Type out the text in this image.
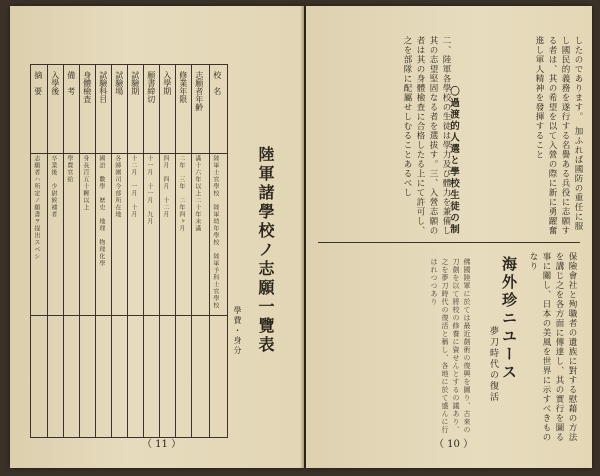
摘　要
志願者ハ所定ノ願書ヲ提出スベシ
入學後
卒業後　少尉候補者
備　考
學費官給
身體檢査
身長百五十糎以上
試驗科目
國語　數學　歴史　地理　物理化學
試驗場
各師團司令部所在地
試驗期
十二月　一月　十月
願書締切
十一月　十一月　九月
入學期
四月　四月　十二月
修業年限
二年　三年　二年四ヶ月
志願者年齢
滿十六年以上二十年未滿
校　名
陸軍士官學校　陸軍幼年學校　陸軍予科士官學校
學費・身分 陸軍諸學校ノ志願一覽表
（ 11 ）
したのであります。　加ふれば國防の重任に服し國民的義務を遂行する名譽ある兵役に志願する者は、其の希望を以て入營の際に新に勇躍奮進し軍人精神を發揮すること
〇過渡的人選と學校生徒の制
二、陸軍各學校の生徒は學力及び體力を兼備し其の志望堅固なる者を選拔す。三、入營志願の者は其の身體檢査に合格したる上にて許可し、之を部隊に配屬せしむることあるべし
保險會社と殉職者の遺族に對する慰藉の方法を講じ之を各方面に傳達し、其の實行を圖る事に關し、日本の美風を世界に示すべきものなり
海外珍ニユース
夢刀時代の復活
佛國陸軍に於ては最近劍術の復興を圖り、古來の刀劍を以て將校の修養に資せんとするの議あり、之を夢刀時代の復活と稱し、各地に於て盛んに行はれつつあり
（ 10 ）
